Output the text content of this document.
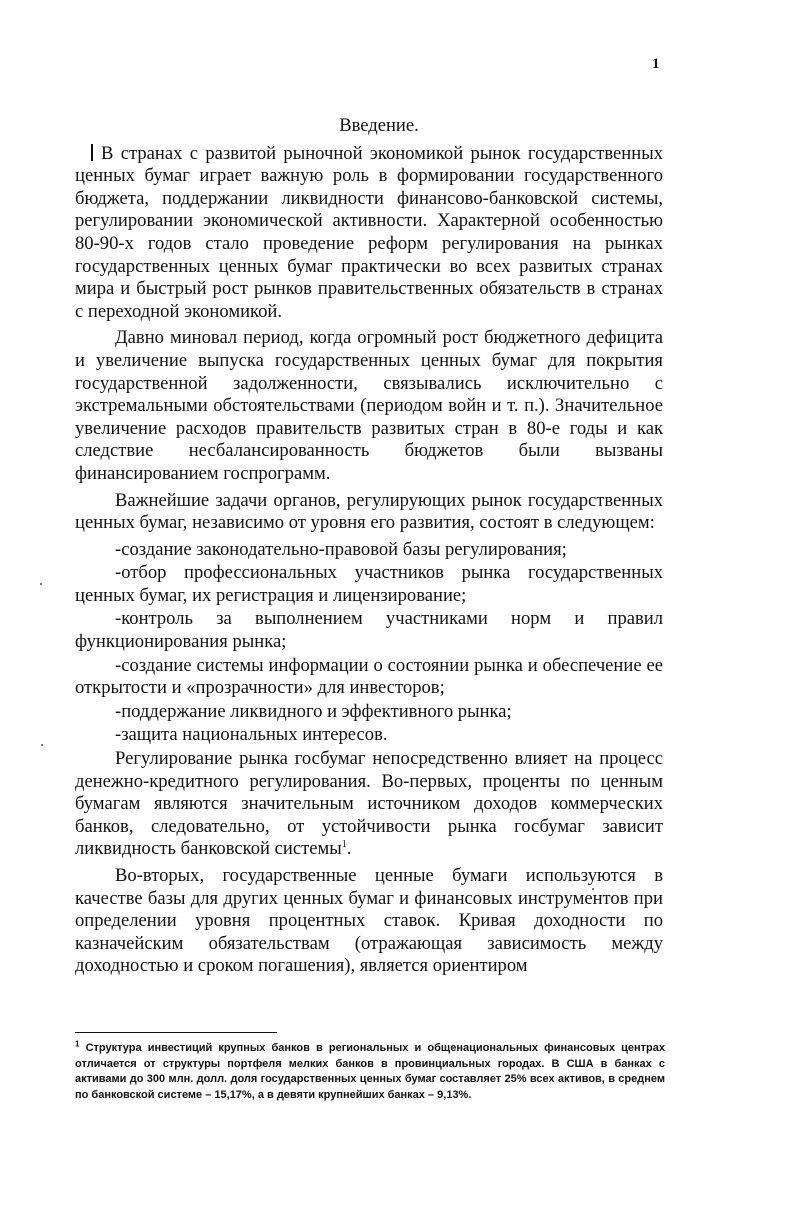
1
Введение.

В странах с развитой рыночной экономикой рынок государственных ценных бумаг играет важную роль в формировании государственного бюджета, поддержании ликвидности финансово-банковской системы, регулировании экономической активности. Характерной особенностью 80-90-х годов стало проведение реформ регулирования на рынках государственных ценных бумаг практически во всех развитых странах мира и быстрый рост рынков правительственных обязательств в странах с переходной экономикой.

Давно миновал период, когда огромный рост бюджетного дефицита и увеличение выпуска государственных ценных бумаг для покрытия государственной задолженности, связывались исключительно с экстремальными обстоятельствами (периодом войн и т. п.). Значительное увеличение расходов правительств развитых стран в 80-е годы и как следствие несбалансированность бюджетов были вызваны финансированием госпрограмм.

Важнейшие задачи органов, регулирующих рынок государственных ценных бумаг, независимо от уровня его развития, состоят в следующем:

-создание законодательно-правовой базы регулирования;

-отбор профессиональных участников рынка государственных ценных бумаг, их регистрация и лицензирование;

-контроль за выполнением участниками норм и правил функционирования рынка;

-создание системы информации о состоянии рынка и обеспечение ее открытости и «прозрачности» для инвесторов;

-поддержание ликвидного и эффективного рынка;

-защита национальных интересов.

Регулирование рынка госбумаг непосредственно влияет на процесс денежно-кредитного регулирования. Во-первых, проценты по ценным бумагам являются значительным источником доходов коммерческих банков, следовательно, от устойчивости рынка госбумаг зависит ликвидность банковской системы$^1$.

Во-вторых, государственные ценные бумаги используются в качестве базы для других ценных бумаг и финансовых инструментов при определении уровня процентных ставок. Кривая доходности по казначейским обязательствам (отражающая зависимость между доходностью и сроком погашения), является ориентиром

$^1$ Структура инвестиций крупных банков в региональных и общенациональных финансовых центрах отличается от структуры портфеля мелких банков в провинциальных городах. В США в банках с активами до 300 млн. долл. доля государственных ценных бумаг составляет 25% всех активов, в среднем по банковской системе – 15,17%, а в девяти крупнейших банках – 9,13%.
